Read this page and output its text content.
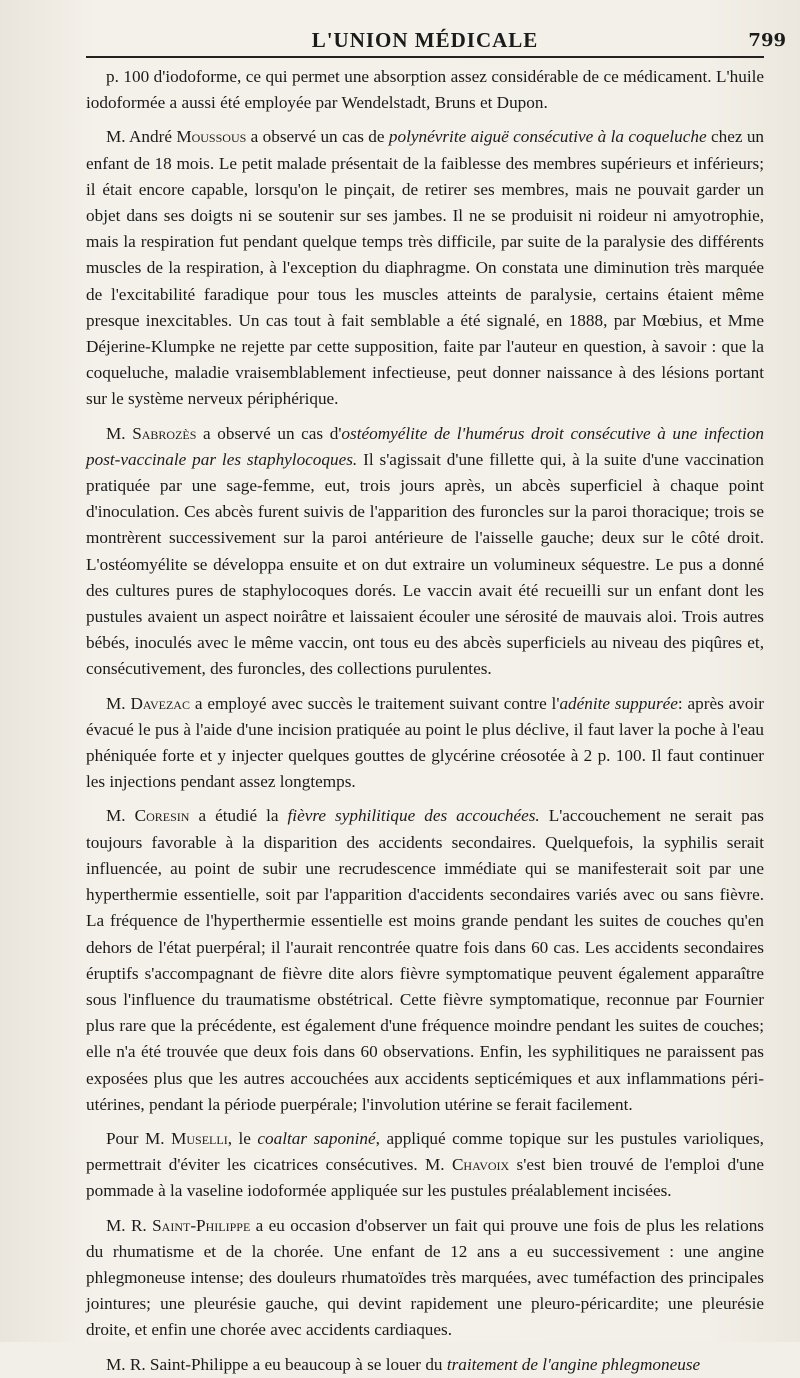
L'UNION MÉDICALE	799

p. 100 d'iodoforme, ce qui permet une absorption assez considérable de ce médicament. L'huile iodoformée a aussi été employée par Wendelstadt, Bruns et Dupon.

M. André Moussous a observé un cas de polynévrite aiguë consécutive à la coqueluche chez un enfant de 18 mois. Le petit malade présentait de la faiblesse des membres supérieurs et inférieurs; il était encore capable, lorsqu'on le pinçait, de retirer ses membres, mais ne pouvait garder un objet dans ses doigts ni se soutenir sur ses jambes. Il ne se produisit ni roideur ni amyotrophie, mais la respiration fut pendant quelque temps très difficile, par suite de la paralysie des différents muscles de la respiration, à l'exception du diaphragme. On constata une diminution très marquée de l'excitabilité faradique pour tous les muscles atteints de paralysie, certains étaient même presque inexcitables. Un cas tout à fait semblable a été signalé, en 1888, par Mœbius, et Mme Déjerine-Klumpke ne rejette par cette supposition, faite par l'auteur en question, à savoir : que la coqueluche, maladie vraisemblablement infectieuse, peut donner naissance à des lésions portant sur le système nerveux périphérique.

M. Sabrozès a observé un cas d'ostéomyélite de l'humérus droit consécutive à une infection post-vaccinale par les staphylocoques. Il s'agissait d'une fillette qui, à la suite d'une vaccination pratiquée par une sage-femme, eut, trois jours après, un abcès superficiel à chaque point d'inoculation. Ces abcès furent suivis de l'apparition des furoncles sur la paroi thoracique; trois se montrèrent successivement sur la paroi antérieure de l'aisselle gauche; deux sur le côté droit. L'ostéomyélite se développa ensuite et on dut extraire un volumineux séquestre. Le pus a donné des cultures pures de staphylocoques dorés. Le vaccin avait été recueilli sur un enfant dont les pustules avaient un aspect noirâtre et laissaient écouler une sérosité de mauvais aloi. Trois autres bébés, inoculés avec le même vaccin, ont tous eu des abcès superficiels au niveau des piqûres et, consécutivement, des furoncles, des collections purulentes.

M. Davezac a employé avec succès le traitement suivant contre l'adénite suppurée: après avoir évacué le pus à l'aide d'une incision pratiquée au point le plus déclive, il faut laver la poche à l'eau phéniquée forte et y injecter quelques gouttes de glycérine créosotée à 2 p. 100. Il faut continuer les injections pendant assez longtemps.

M. Coresin a étudié la fièvre syphilitique des accouchées. L'accouchement ne serait pas toujours favorable à la disparition des accidents secondaires. Quelquefois, la syphilis serait influencée, au point de subir une recrudescence immédiate qui se manifesterait soit par une hyperthermie essentielle, soit par l'apparition d'accidents secondaires variés avec ou sans fièvre. La fréquence de l'hyperthermie essentielle est moins grande pendant les suites de couches qu'en dehors de l'état puerpéral; il l'aurait rencontrée quatre fois dans 60 cas. Les accidents secondaires éruptifs s'accompagnant de fièvre dite alors fièvre symptomatique peuvent également apparaître sous l'influence du traumatisme obstétrical. Cette fièvre symptomatique, reconnue par Fournier plus rare que la précédente, est également d'une fréquence moindre pendant les suites de couches; elle n'a été trouvée que deux fois dans 60 observations. Enfin, les syphilitiques ne paraissent pas exposées plus que les autres accouchées aux accidents septicémiques et aux inflammations péri-utérines, pendant la période puerpérale; l'involution utérine se ferait facilement.

Pour M. Muselli, le coaltar saponiné, appliqué comme topique sur les pustules varioliques, permettrait d'éviter les cicatrices consécutives. M. Chavoix s'est bien trouvé de l'emploi d'une pommade à la vaseline iodoformée appliquée sur les pustules préalablement incisées.

M. R. Saint-Philippe a eu occasion d'observer un fait qui prouve une fois de plus les relations du rhumatisme et de la chorée. Une enfant de 12 ans a eu successivement : une angine phlegmoneuse intense; des douleurs rhumatoïdes très marquées, avec tuméfaction des principales jointures; une pleurésie gauche, qui devint rapidement une pleuro-péricardite; une pleurésie droite, et enfin une chorée avec accidents cardiaques.

M. R. Saint-Philippe a eu beaucoup à se louer du traitement de l'angine phlegmoneuse
